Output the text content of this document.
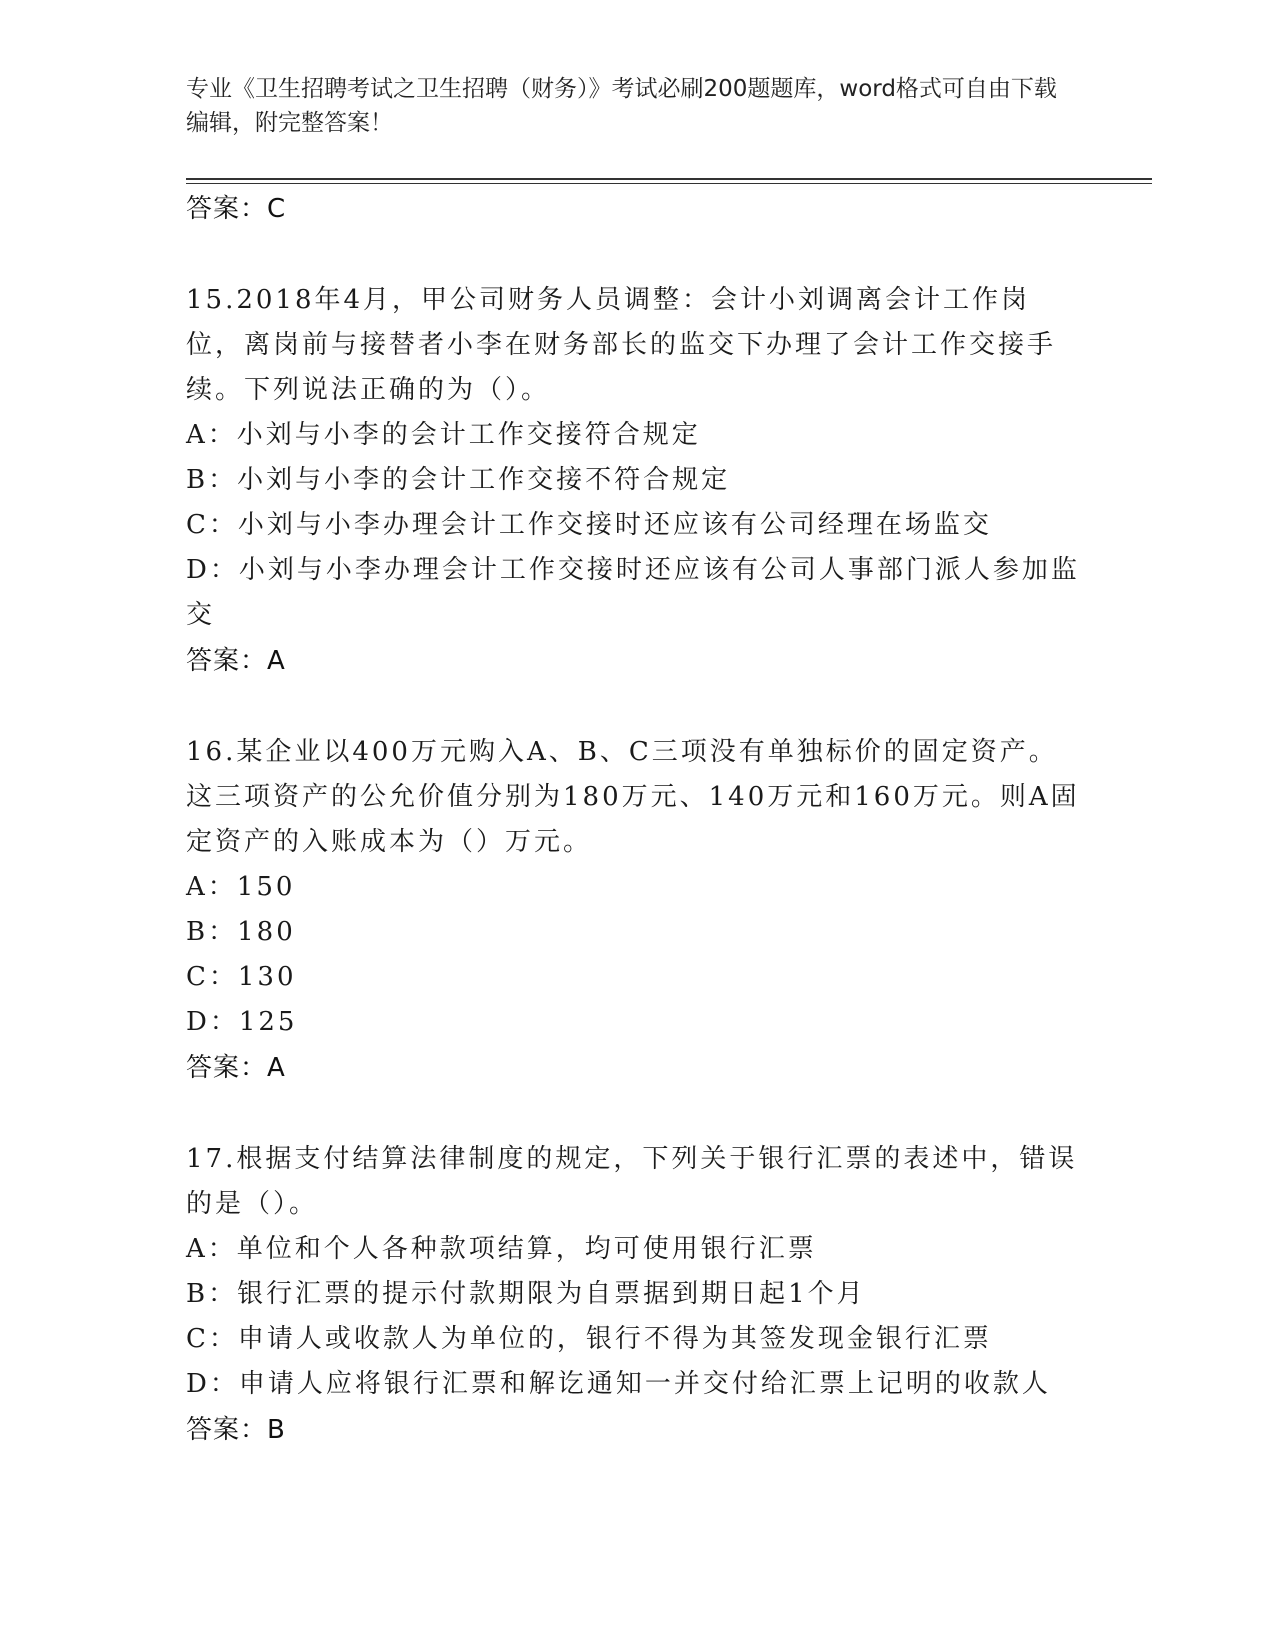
专业《卫生招聘考试之卫生招聘（财务）》考试必刷200题题库，word格式可自由下载编辑，附完整答案！
答案：C
15.2018年4月，甲公司财务人员调整：会计小刘调离会计工作岗位，离岗前与接替者小李在财务部长的监交下办理了会计工作交接手续。下列说法正确的为（）。
A：小刘与小李的会计工作交接符合规定
B：小刘与小李的会计工作交接不符合规定
C：小刘与小李办理会计工作交接时还应该有公司经理在场监交
D：小刘与小李办理会计工作交接时还应该有公司人事部门派人参加监交
答案：A
16.某企业以400万元购入A、B、C三项没有单独标价的固定资产。这三项资产的公允价值分别为180万元、140万元和160万元。则A固定资产的入账成本为（）万元。
A：150
B：180
C：130
D：125
答案：A
17.根据支付结算法律制度的规定，下列关于银行汇票的表述中，错误的是（）。
A：单位和个人各种款项结算，均可使用银行汇票
B：银行汇票的提示付款期限为自票据到期日起1个月
C：申请人或收款人为单位的，银行不得为其签发现金银行汇票
D：申请人应将银行汇票和解讫通知一并交付给汇票上记明的收款人
答案：B
